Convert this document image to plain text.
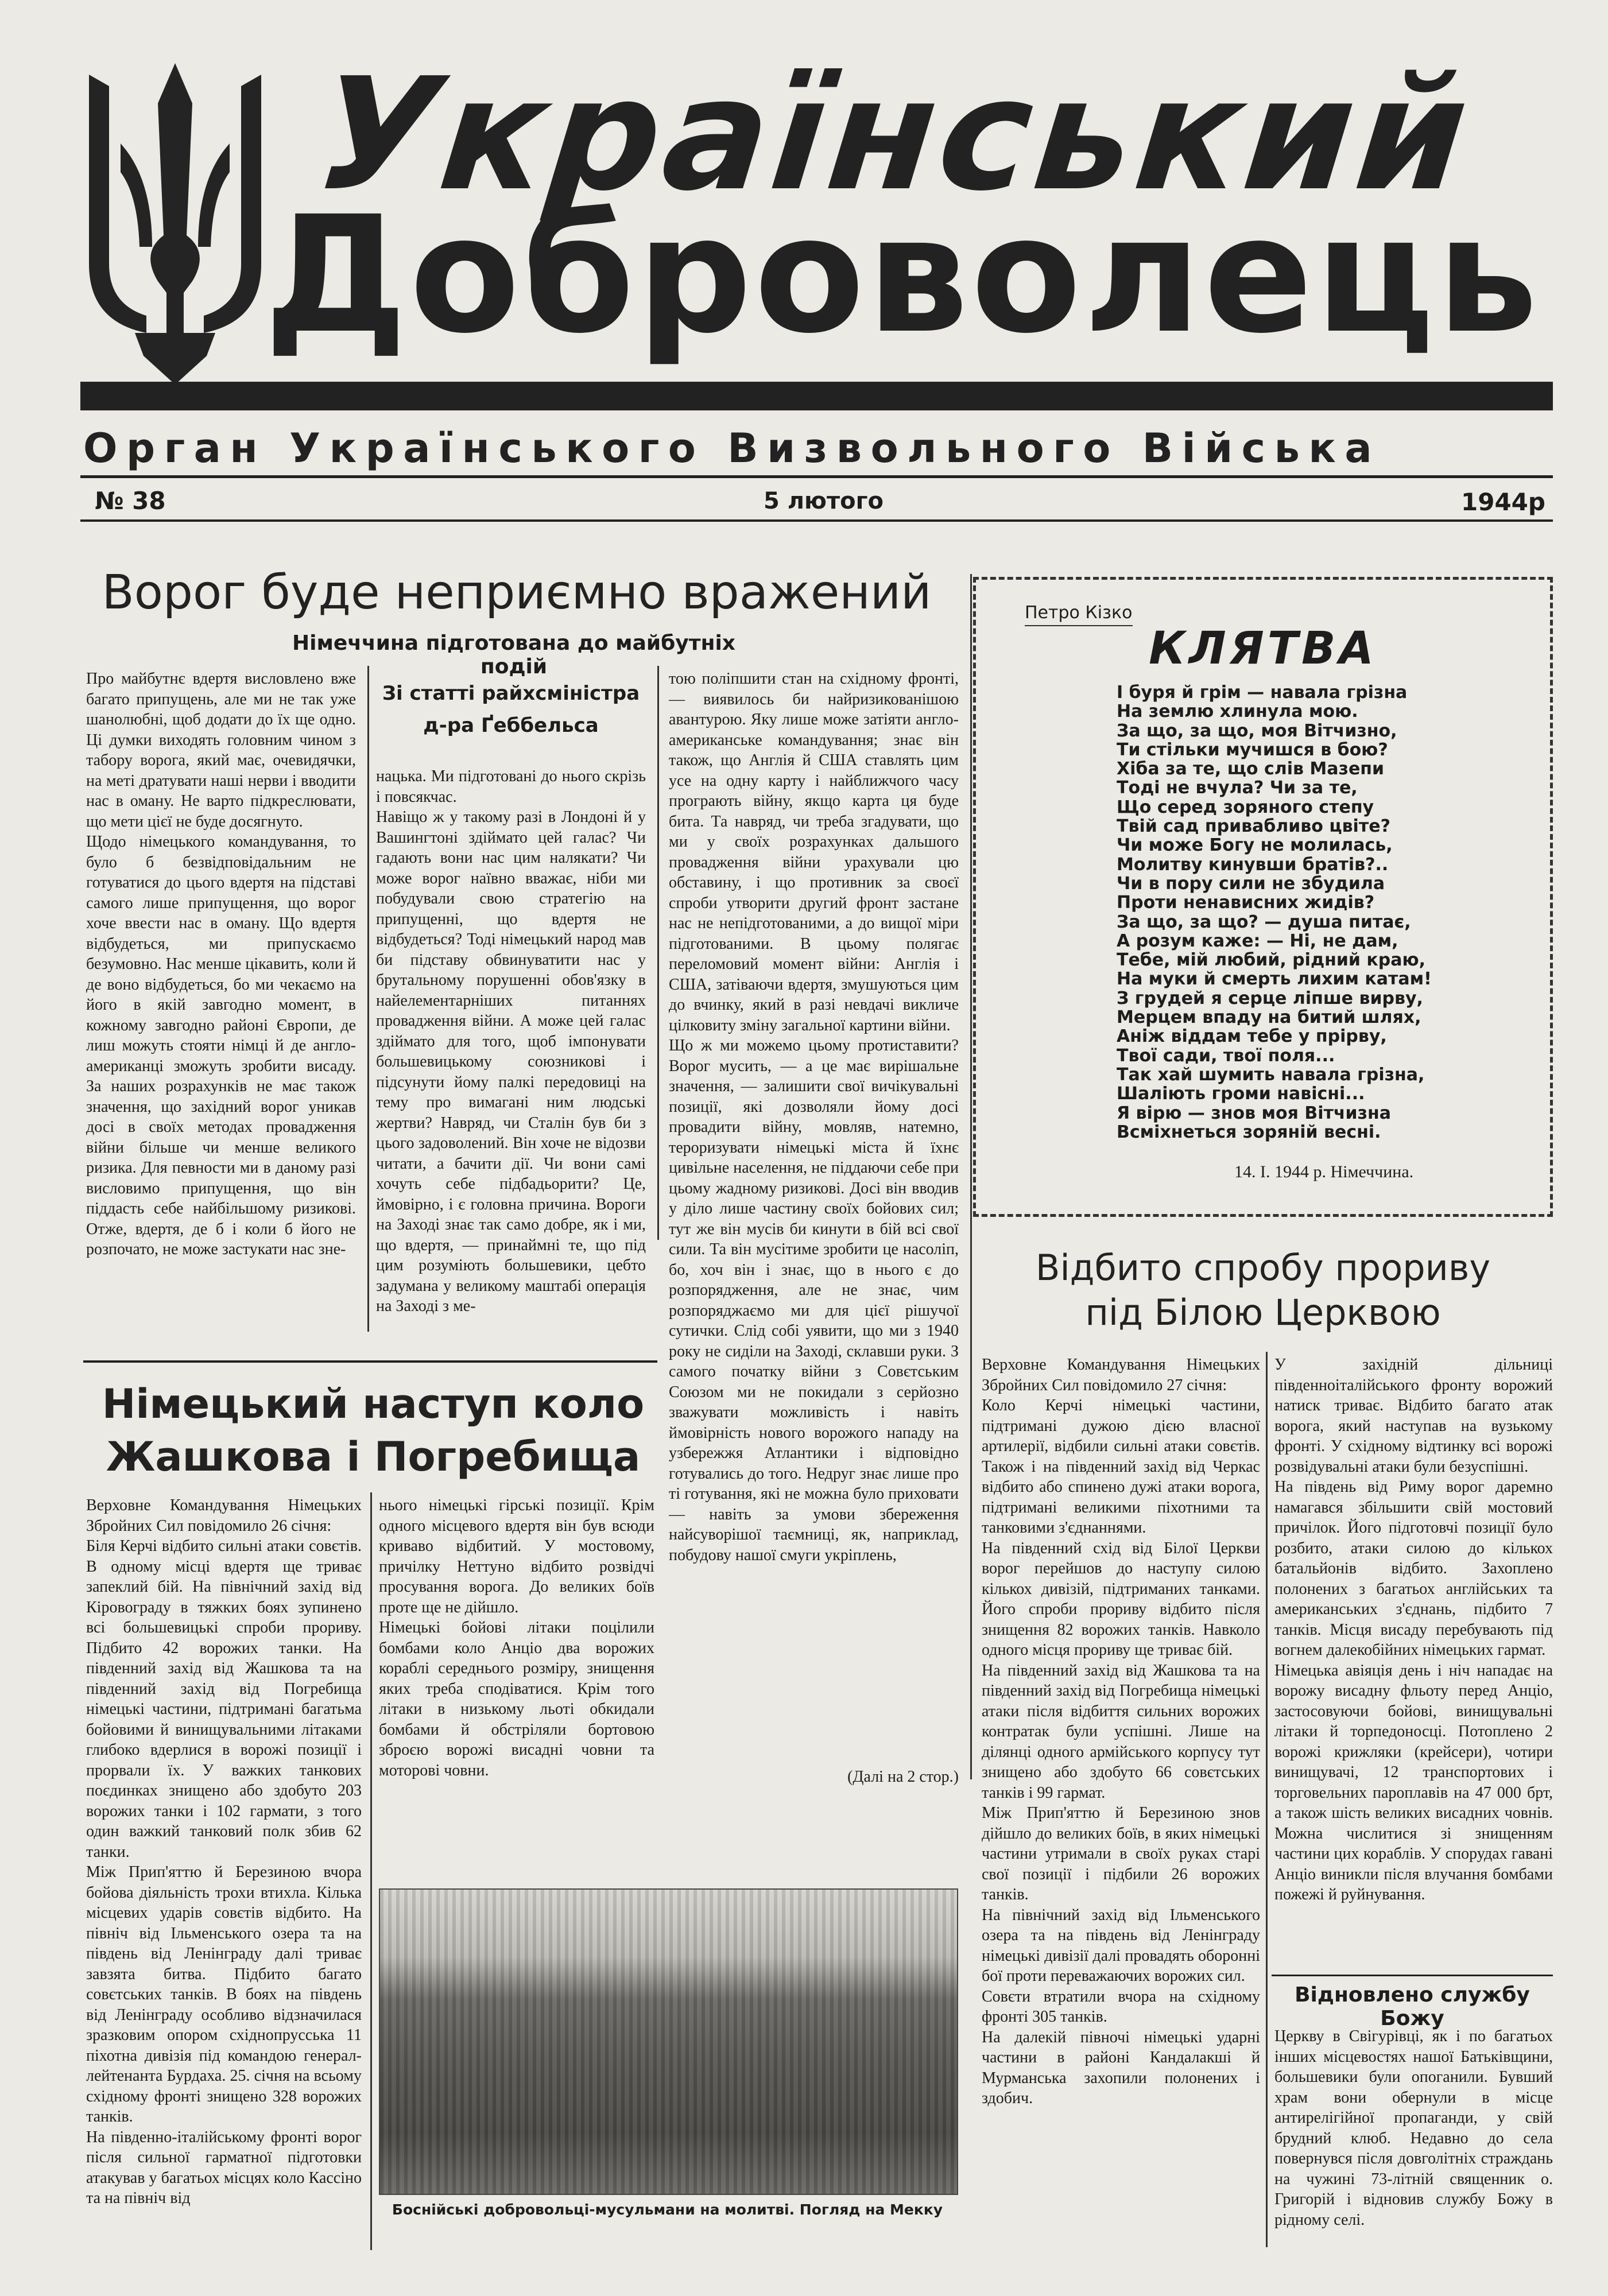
Український
Доброволець
Орган Українського Визвольного Війська
№ 38	5 лютого	1944р
Ворог буде неприємно вражений
Німеччина підготована до майбутніх подій
Про майбутнє вдертя висловлено вже багато припущень, але ми не так уже шанолюбні, щоб додати до їх ще одно. Ці думки виходять головним чином з табору ворога, який має, очевидячки, на меті дратувати наші нерви і вводити нас в оману. Не варто підкреслювати, що мети цієї не буде досягнуто.
Щодо німецького командування, то було б безвідповідальним не готуватися до цього вдертя на підставі самого лише припущення, що ворог хоче ввести нас в оману. Що вдертя відбудеться, ми припускаємо безумовно. Нас менше цікавить, коли й де воно відбудеться, бо ми чекаємо на його в якій завгодно момент, в кожному завгодно районі Європи, де лиш можуть стояти німці й де англо-американці зможуть зробити висаду. За наших розрахунків не має також значення, що західний ворог уникав досі в своїх методах провадження війни більше чи менше великого ризика. Для певности ми в даному разі висловимо припущення, що він піддасть себе найбільшому ризикові. Отже, вдертя, де б і коли б його не розпочато, не може застукати нас зне-
Зі статті райхсміністра д-ра Ґеббельса
нацька. Ми підготовані до нього скрізь і повсякчас.
Навіщо ж у такому разі в Лондоні й у Вашингтоні здіймато цей галас? Чи гадають вони нас цим налякати? Чи може ворог наївно вважає, ніби ми побудували свою стратегію на припущенні, що вдертя не відбудеться? Тоді німецький народ мав би підставу обвинуватити нас у брутальному порушенні обов'язку в найелементарніших питаннях провадження війни. А може цей галас здіймато для того, щоб імпонувати большевицькому союзникові і підсунути йому палкі передовиці на тему про вимагані ним людські жертви? Навряд, чи Сталін був би з цього задоволений. Він хоче не відозви читати, а бачити дії. Чи вони самі хочуть себе підбадьорити? Це, ймовірно, і є головна причина. Вороги на Заході знає так само добре, як і ми, що вдертя, — принаймні те, що під цим розуміють большевики, цебто задумана у великому маштабі операція на Заході з ме-
тою поліпшити стан на східному фронті, — виявилось би найризикованішою авантурою. Яку лише може затіяти англо-американське командування; знає він також, що Англія й США ставлять цим усе на одну карту і найближчого часу програють війну, якщо карта ця буде бита. Та навряд, чи треба згадувати, що ми у своїх розрахунках дальшого провадження війни урахували цю обставину, і що противник за своєї спроби утворити другий фронт застане нас не непідготованими, а до вищої міри підготованими. В цьому полягає переломовий момент війни: Англія і США, затіваючи вдертя, змушуються цим до вчинку, який в разі невдачі викличе цілковиту зміну загальної картини війни.
Що ж ми можемо цьому протиставити? Ворог мусить, — а це має вирішальне значення, — залишити свої вичікувальні позиції, які дозволяли йому досі провадити війну, мовляв, натемно, тероризувати німецькі міста й їхнє цивільне населення, не піддаючи себе при цьому жадному ризикові. Досі він вводив у діло лише частину своїх бойових сил; тут же він мусів би кинути в бій всі свої сили. Та він мусітиме зробити це насоліп, бо, хоч він і знає, що в нього є до розпорядження, але не знає, чим розпоряджаємо ми для цієї рішучої сутички. Слід собі уявити, що ми з 1940 року не сиділи на Заході, склавши руки. З самого початку війни з Совєтським Союзом ми не покидали з серйозно зважувати можливість і навіть ймовірність нового ворожого нападу на узбережжя Атлантики і відповідно готувались до того. Недруг знає лише про ті готування, які не можна було приховати — навіть за умови збереження найсуворішої таємниці, як, наприклад, побудову нашої смуги укріплень,
(Далі на 2 стор.)
Петро Кізко
КЛЯТВА
І буря й грім — навала грізна
На землю хлинула мою.
За що, за що, моя Вітчизно,
Ти стільки мучишся в бою?
Хіба за те, що слів Мазепи
Тоді не вчула? Чи за те,
Що серед зоряного степу
Твій сад привабливо цвіте?
Чи може Богу не молилась,
Молитву кинувши братів?..
Чи в пору сили не збудила
Проти ненависних жидів?
За що, за що? — душа питає,
А розум каже: — Ні, не дам,
Тебе, мій любий, рідний краю,
На муки й смерть лихим катам!
З грудей я серце ліпше вирву,
Мерцем впаду на битий шлях,
Аніж віддам тебе у прірву,
Твої сади, твої поля...
Так хай шумить навала грізна,
Шаліють громи навісні...
Я вірю — знов моя Вітчизна
Всміхнеться зоряній весні.
14. I. 1944 р. Німеччина.
Відбито спробу прориву
під Білою Церквою
Верховне Командування Німецьких Збройних Сил повідомило 27 січня:
Коло Керчі німецькі частини, підтримані дужою дією власної артилерії, відбили сильні атаки совєтів. Також і на південний захід від Черкас відбито або спинено дужі атаки ворога, підтримані великими піхотними та танковими з'єднаннями.
На південний схід від Білої Церкви ворог перейшов до наступу силою кількох дивізій, підтриманих танками. Його спроби прориву відбито після знищення 82 ворожих танків. Навколо одного місця прориву ще триває бій.
На південний захід від Жашкова та на південний захід від Погребища німецькі атаки після відбиття сильних ворожих контратак були успішні. Лише на ділянці одного армійського корпусу тут знищено або здобуто 66 совєтських танків і 99 гармат.
Між Прип'яттю й Березиною знов дійшло до великих боїв, в яких німецькі частини утримали в своїх руках старі свої позиції і підбили 26 ворожих танків.
На північний захід від Ільменського озера та на південь від Ленінграду німецькі дивізії далі провадять оборонні бої проти переважаючих ворожих сил.
Совєти втратили вчора на східному фронті 305 танків.
На далекій півночі німецькі ударні частини в районі Кандалакші й Мурманська захопили полонених і здобич.
У західній дільниці південноіталійського фронту ворожий натиск триває. Відбито багато атак ворога, який наступав на вузькому фронті. У східному відтинку всі ворожі розвідувальні атаки були безуспішні.
На південь від Риму ворог даремно намагався збільшити свій мостовий причілок. Його підготовчі позиції було розбито, атаки силою до кількох батальйонів відбито. Захоплено полонених з багатьох англійських та американських з'єднань, підбито 7 танків. Місця висаду перебувають під вогнем далекобійних німецьких гармат.
Німецька авіяція день і ніч нападає на ворожу висадну фльоту перед Анціо, застосовуючи бойові, винищувальні літаки й торпедоносці. Потоплено 2 ворожі крижляки (крейсери), чотири винищувачі, 12 транспортових і торговельних пароплавів на 47 000 брт, а також шість великих висадних човнів. Можна числитися зі знищенням частини цих кораблів. У спорудах гавані Анціо виникли після влучання бомбами пожежі й руйнування.
Відновлено службу Божу
Церкву в Свігурівці, як і по багатьох інших місцевостях нашої Батьківщини, большевики були опоганили. Бувший храм вони обернули в місце антирелігійної пропаганди, у свій брудний клюб. Недавно до села повернувся після довголітніх страждань на чужині 73-літній священник о. Григорій і відновив службу Божу в рідному селі.
Німецький наступ коло
Жашкова і Погребища
Верховне Командування Німецьких Збройних Сил повідомило 26 січня:
Біля Керчі відбито сильні атаки совєтів. В одному місці вдертя ще триває запеклий бій. На північний захід від Кіровограду в тяжких боях зупинено всі большевицькі спроби прориву. Підбито 42 ворожих танки. На південний захід від Жашкова та на південний захід від Погребища німецькі частини, підтримані багатьма бойовими й винищувальними літаками глибоко вдерлися в ворожі позиції і прорвали їх. У важких танкових поєдинках знищено або здобуто 203 ворожих танки і 102 гармати, з того один важкий танковий полк збив 62 танки.
Між Прип'яттю й Березиною вчора бойова діяльність трохи втихла. Кілька місцевих ударів совєтів відбито. На північ від Ільменського озера та на південь від Ленінграду далі триває завзята битва. Підбито багато совєтських танків. В боях на південь від Ленінграду особливо відзначилася зразковим опором східнопрусська 11 піхотна дивізія під командою генерал-лейтенанта Бурдаха. 25. січня на всьому східному фронті знищено 328 ворожих танків.
На південно-італійському фронті ворог після сильної гарматної підготовки атакував у багатьох місцях коло Кассіно та на північ від
нього німецькі гірські позиції. Крім одного місцевого вдертя він був всюди криваво відбитий. У мостовому, причілку Неттуно відбито розвідчі просування ворога. До великих боїв проте ще не дійшло.
Німецькі бойові літаки поцілили бомбами коло Анціо два ворожих кораблі середнього розміру, знищення яких треба сподіватися. Крім того літаки в низькому льоті обкидали бомбами й обстріляли бортовою зброєю ворожі висадні човни та моторові човни.
Боснійські добровольці-мусульмани на молитві. Погляд на Мекку
